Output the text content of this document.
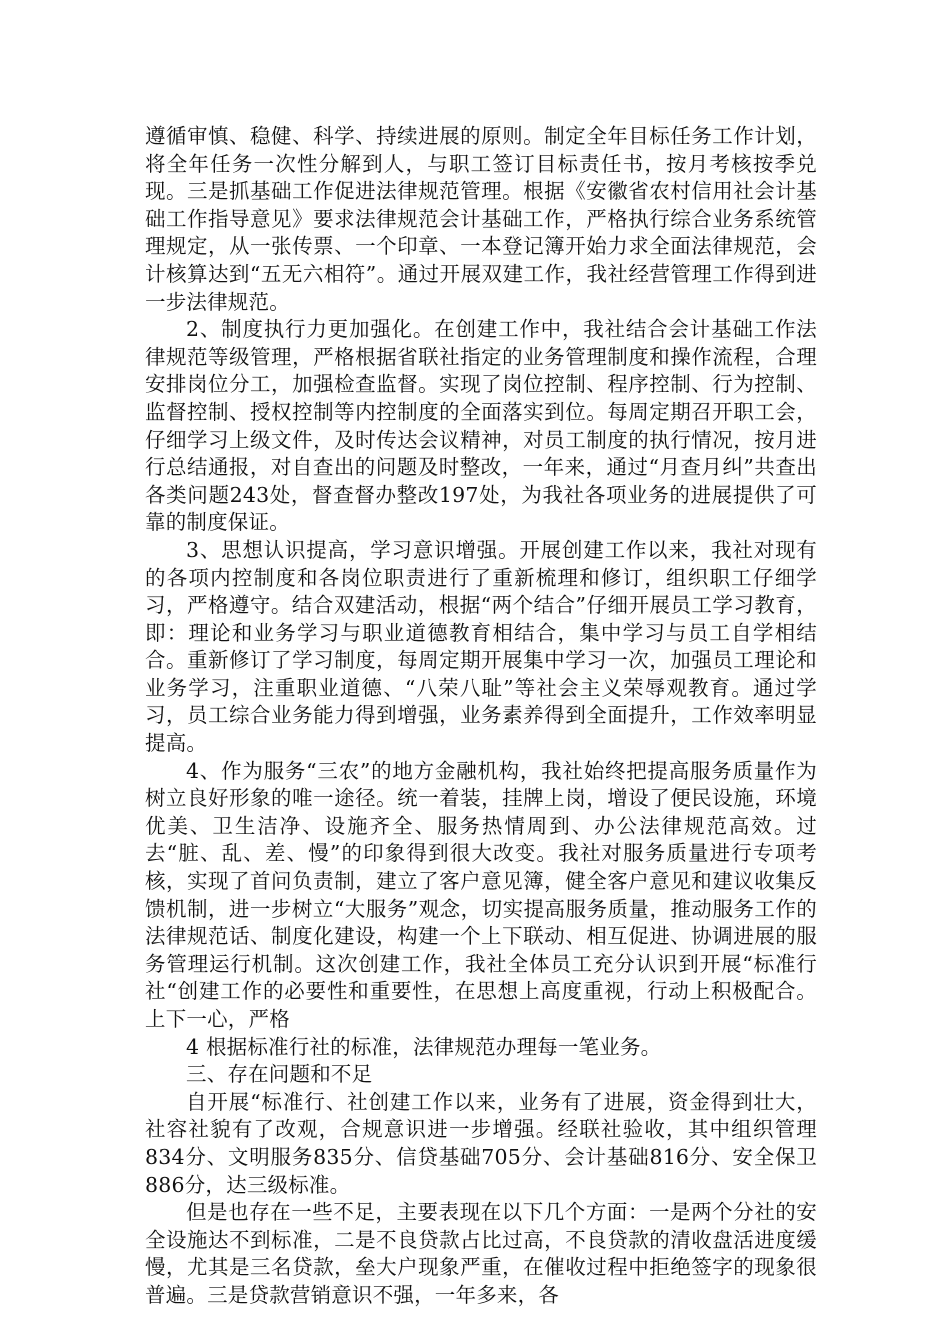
遵循审慎、稳健、科学、持续进展的原则。制定全年目标任务工作计划，将全年任务一次性分解到人，与职工签订目标责任书，按月考核按季兑现。三是抓基础工作促进法律规范管理。根据《安徽省农村信用社会计基础工作指导意见》要求法律规范会计基础工作，严格执行综合业务系统管理规定，从一张传票、一个印章、一本登记簿开始力求全面法律规范，会计核算达到“五无六相符”。通过开展双建工作，我社经营管理工作得到进一步法律规范。

2、制度执行力更加强化。在创建工作中，我社结合会计基础工作法律规范等级管理，严格根据省联社指定的业务管理制度和操作流程，合理安排岗位分工，加强检查监督。实现了岗位控制、程序控制、行为控制、监督控制、授权控制等内控制度的全面落实到位。每周定期召开职工会，仔细学习上级文件，及时传达会议精神，对员工制度的执行情况，按月进行总结通报，对自查出的问题及时整改，一年来，通过“月查月纠”共查出各类问题243处，督查督办整改197处，为我社各项业务的进展提供了可靠的制度保证。

3、思想认识提高，学习意识增强。开展创建工作以来，我社对现有的各项内控制度和各岗位职责进行了重新梳理和修订，组织职工仔细学习，严格遵守。结合双建活动，根据“两个结合”仔细开展员工学习教育，即：理论和业务学习与职业道德教育相结合，集中学习与员工自学相结合。重新修订了学习制度，每周定期开展集中学习一次，加强员工理论和业务学习，注重职业道德、“八荣八耻”等社会主义荣辱观教育。通过学习，员工综合业务能力得到增强，业务素养得到全面提升，工作效率明显提高。

4、作为服务“三农”的地方金融机构，我社始终把提高服务质量作为树立良好形象的唯一途径。统一着装，挂牌上岗，增设了便民设施，环境优美、卫生洁净、设施齐全、服务热情周到、办公法律规范高效。过去“脏、乱、差、慢”的印象得到很大改变。我社对服务质量进行专项考核，实现了首问负责制，建立了客户意见簿，健全客户意见和建议收集反馈机制，进一步树立“大服务”观念，切实提高服务质量，推动服务工作的法律规范话、制度化建设，构建一个上下联动、相互促进、协调进展的服务管理运行机制。这次创建工作，我社全体员工充分认识到开展“标准行社“创建工作的必要性和重要性，在思想上高度重视，行动上积极配合。上下一心，严格

4 根据标准行社的标准，法律规范办理每一笔业务。

三、存在问题和不足

自开展“标准行、社创建工作以来，业务有了进展，资金得到壮大，社容社貌有了改观，合规意识进一步增强。经联社验收，其中组织管理834分、文明服务835分、信贷基础705分、会计基础816分、安全保卫886分，达三级标准。

但是也存在一些不足，主要表现在以下几个方面：一是两个分社的安全设施达不到标准，二是不良贷款占比过高，不良贷款的清收盘活进度缓慢，尤其是三名贷款，垒大户现象严重，在催收过程中拒绝签字的现象很普遍。三是贷款营销意识不强，一年多来，各
